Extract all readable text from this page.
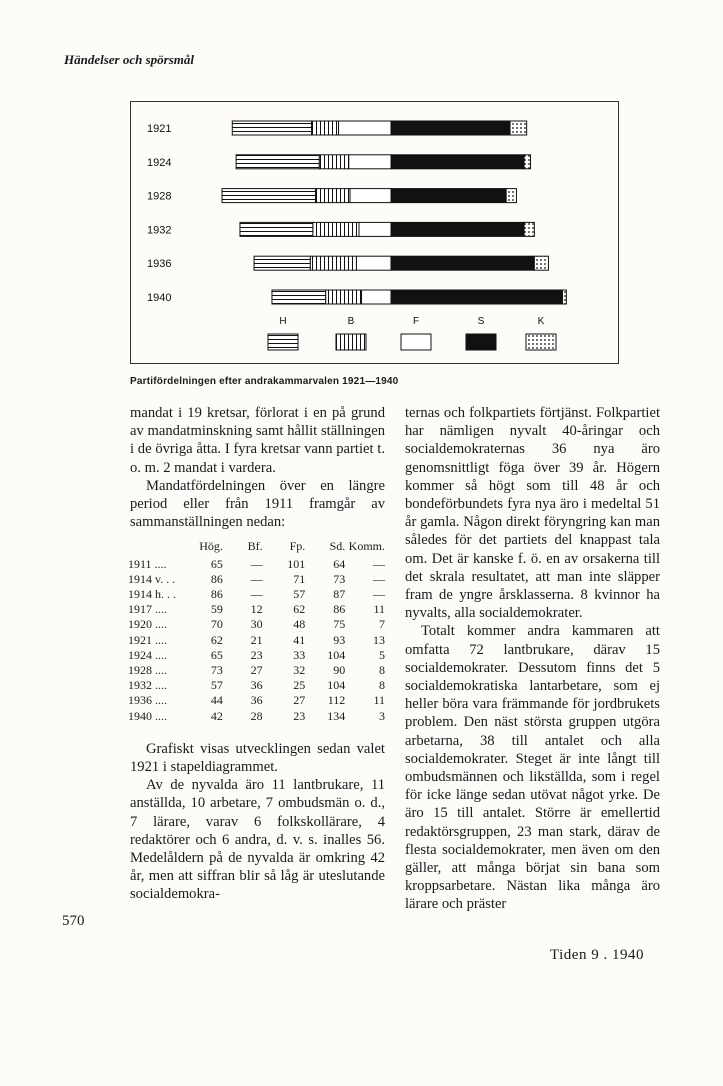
Händelser och spörsmål
1921
1924
1928
1932
1936
1940
H	B	F	S	K
Partifördelningen efter andrakammarvalen 1921—1940

mandat i 19 kretsar, förlorat i en på grund av mandatminskning samt hållit ställningen i de övriga åtta. I fyra kretsar vann partiet t. o. m. 2 mandat i vardera.

Mandatfördelningen över en längre period eller från 1911 framgår av sammanställningen nedan:

	Hög.	Bf.	Fp.	Sd.	Komm.
1911 ....	65	—	101	64	—
1914 v. . .	86	—	71	73	—
1914 h. . .	86	—	57	87	—
1917 ....	59	12	62	86	11
1920 ....	70	30	48	75	7
1921 ....	62	21	41	93	13
1924 ....	65	23	33	104	5
1928 ....	73	27	32	90	8
1932 ....	57	36	25	104	8
1936 ....	44	36	27	112	11
1940 ....	42	28	23	134	3

Grafiskt visas utvecklingen sedan valet 1921 i stapeldiagrammet.

Av de nyvalda äro 11 lantbrukare, 11 anställda, 10 arbetare, 7 ombudsmän o. d., 7 lärare, varav 6 folkskollärare, 4 redaktörer och 6 andra, d. v. s. inalles 56. Medelåldern på de nyvalda är omkring 42 år, men att siffran blir så låg är uteslutande socialdemokra-

ternas och folkpartiets förtjänst. Folkpartiet har nämligen nyvalt 40-åringar och socialdemokraternas 36 nya äro genomsnittligt föga över 39 år. Högern kommer så högt som till 48 år och bondeförbundets fyra nya äro i medeltal 51 år gamla. Någon direkt föryngring kan man således för det partiets del knappast tala om. Det är kanske f. ö. en av orsakerna till det skrala resultatet, att man inte släpper fram de yngre årsklasserna. 8 kvinnor ha nyvalts, alla socialdemokrater.

Totalt kommer andra kammaren att omfatta 72 lantbrukare, därav 15 socialdemokrater. Dessutom finns det 5 socialdemokratiska lantarbetare, som ej heller böra vara främmande för jordbrukets problem. Den näst största gruppen utgöra arbetarna, 38 till antalet och alla socialdemokrater. Steget är inte långt till ombudsmännen och likställda, som i regel för icke länge sedan utövat något yrke. De äro 15 till antalet. Större är emellertid redaktörsgruppen, 23 man stark, därav de flesta socialdemokrater, men även om den gäller, att många börjat sin bana som kroppsarbetare. Nästan lika många äro lärare och präster

570
Tiden 9 . 1940
